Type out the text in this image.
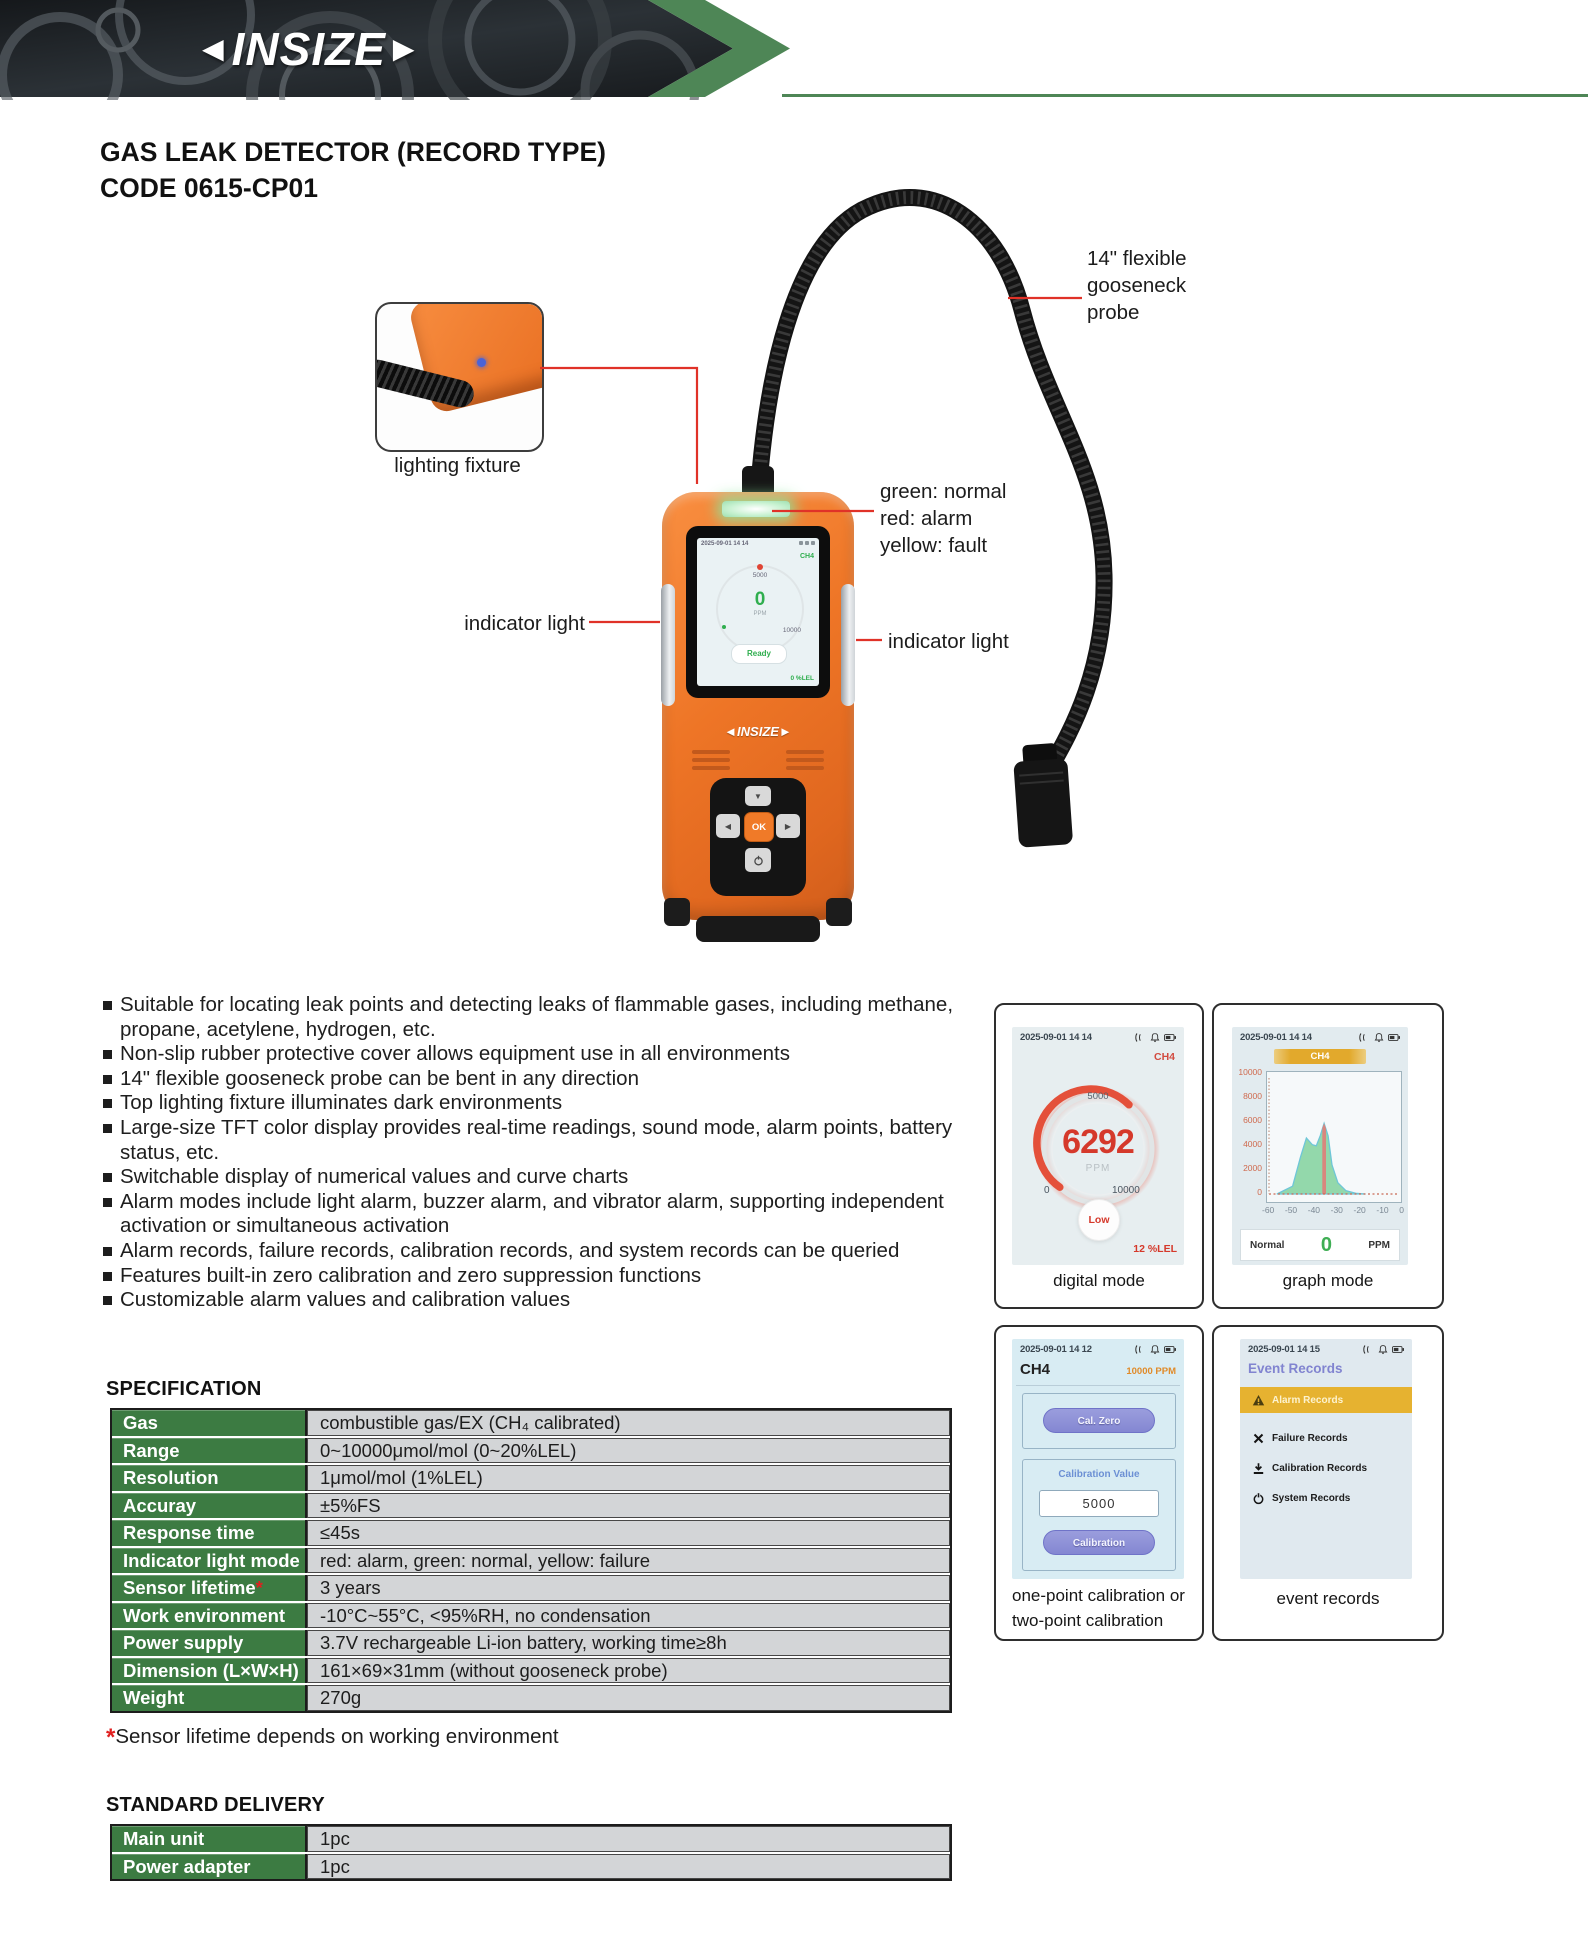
◄INSIZE►
GAS LEAK DETECTOR (RECORD TYPE)
CODE 0615-CP01
lighting fixture
2025-09-01 14 14
CH4
5000
0
PPM
10000
Ready
0 %LEL
◄INSIZE►
▼
◀	OK	▶
14" flexible
gooseneck
probe
green: normal
red: alarm
yellow: fault
indicator light
indicator light
Suitable for locating leak points and detecting leaks of flammable gases, including methane, propane, acetylene, hydrogen, etc.
Non-slip rubber protective cover allows equipment use in all environments
14" flexible gooseneck probe can be bent in any direction
Top lighting fixture illuminates dark environments
Large-size TFT color display provides real-time readings, sound mode, alarm points, battery status, etc.
Switchable display of numerical values and curve charts
Alarm modes include light alarm, buzzer alarm, and vibrator alarm, supporting independent activation or simultaneous activation
Alarm records, failure records, calibration records, and system records can be queried
Features built-in zero calibration and zero suppression functions
Customizable alarm values and calibration values
2025-09-01 14 14
CH4
5000
6292
PPM
0	10000
Low
12 %LEL
digital mode
2025-09-01 14 14
CH4
10000
8000
6000
4000
2000
0
-60 -50 -40 -30 -20 -10 0
Normal 0	PPM
graph mode
2025-09-01 14 12
CH4	10000 PPM
Cal. Zero
Calibration Value
5000
Calibration
one-point calibration or
two-point calibration
2025-09-01 14 15
Event Records
Alarm Records
Failure Records
Calibration Records
System Records
event records
SPECIFICATION
Gas	combustible gas/EX (CH₄ calibrated)
Range	0~10000μmol/mol (0~20%LEL)
Resolution	1μmol/mol (1%LEL)
Accuray	±5%FS
Response time	≤45s
Indicator light mode	red: alarm, green: normal, yellow: failure
Sensor lifetime*	3 years
Work environment	-10°C~55°C, <95%RH, no condensation
Power supply	3.7V rechargeable Li-ion battery, working time≥8h
Dimension (L×W×H)	161×69×31mm (without gooseneck probe)
Weight	270g
*Sensor lifetime depends on working environment
STANDARD DELIVERY
Main unit	1pc
Power adapter	1pc
